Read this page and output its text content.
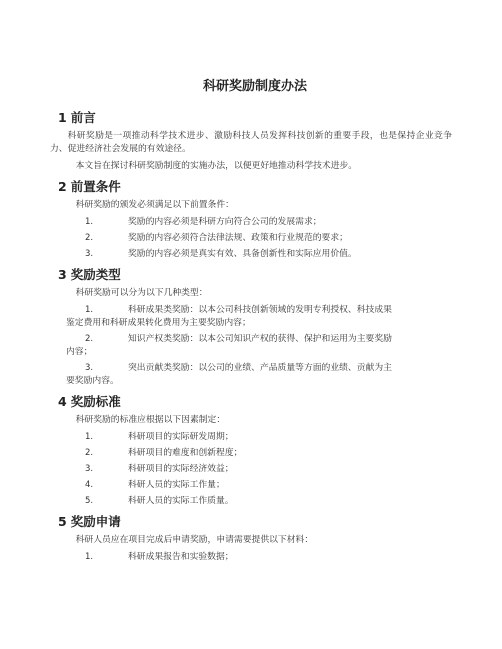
科研奖励制度办法
1 前言

科研奖励是一项推动科学技术进步、激励科技人员发挥科技创新的重要手段，也是保持企业竞争力、促进经济社会发展的有效途径。

本文旨在探讨科研奖励制度的实施办法，以便更好地推动科学技术进步。

2 前置条件

科研奖励的颁发必须满足以下前置条件：

1.	奖励的内容必须是科研方向符合公司的发展需求；
2.	奖励的内容必须符合法律法规、政策和行业规范的要求；
3.	奖励的内容必须是真实有效、具备创新性和实际应用价值。
3 奖励类型

科研奖励可以分为以下几种类型：

1.	科研成果类奖励：以本公司科技创新领域的发明专利授权、科技成果
鉴定费用和科研成果转化费用为主要奖励内容；
2.	知识产权类奖励：以本公司知识产权的获得、保护和运用为主要奖励
内容；
3.	突出贡献类奖励：以公司的业绩、产品质量等方面的业绩、贡献为主
要奖励内容。
4 奖励标准

科研奖励的标准应根据以下因素制定：

1.	科研项目的实际研发周期；
2.	科研项目的难度和创新程度；
3.	科研项目的实际经济效益；
4.	科研人员的实际工作量；
5.	科研人员的实际工作质量。
5 奖励申请

科研人员应在项目完成后申请奖励，申请需要提供以下材料：

1.	科研成果报告和实验数据；
